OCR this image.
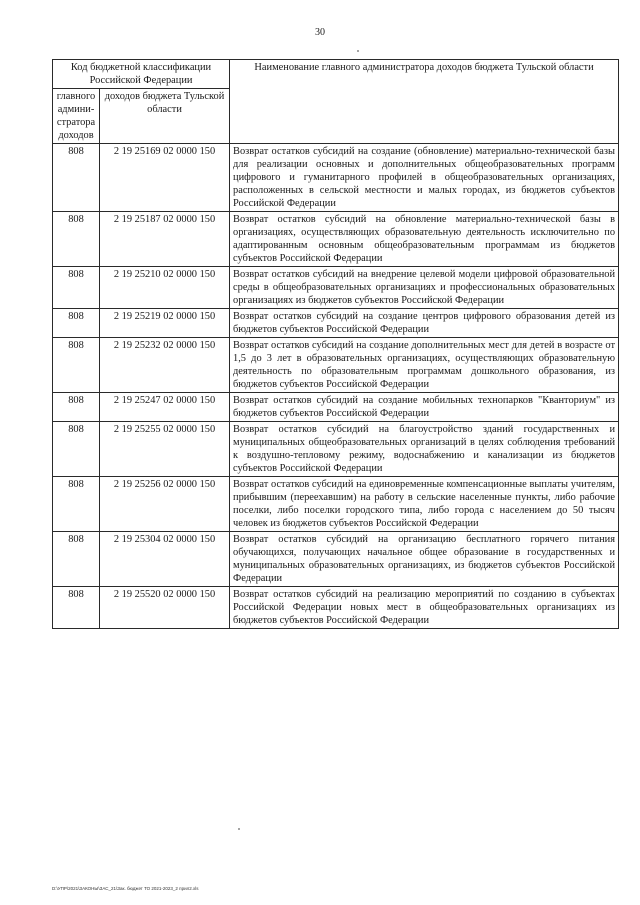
30
Код бюджетной классификации Российской Федерации		Наименование главного администратора доходов бюджета Тульской области
главного админи-стратора доходов	доходов бюджета Тульской области	
808	2 19 25169 02 0000 150	Возврат остатков субсидий на создание (обновление) материально-технической базы для реализации основных и дополнительных общеобразовательных программ цифрового и гуманитарного профилей в общеобразовательных организациях, расположенных в сельской местности и малых городах, из бюджетов субъектов Российской Федерации
808	2 19 25187 02 0000 150	Возврат остатков субсидий на обновление материально-технической базы в организациях, осуществляющих образовательную деятельность исключительно по адаптированным основным общеобразовательным программам из бюджетов субъектов Российской Федерации
808	2 19 25210 02 0000 150	Возврат остатков субсидий на внедрение целевой модели цифровой образовательной среды в общеобразовательных организациях и профессиональных образовательных организациях из бюджетов субъектов Российской Федерации
808	2 19 25219 02 0000 150	Возврат остатков субсидий на создание центров цифрового образования детей из бюджетов субъектов Российской Федерации
808	2 19 25232 02 0000 150	Возврат остатков субсидий на создание дополнительных мест для детей в возрасте от 1,5 до 3 лет в образовательных организациях, осуществляющих образовательную деятельность по образовательным программам дошкольного образования, из бюджетов субъектов Российской Федерации
808	2 19 25247 02 0000 150	Возврат остатков субсидий на создание мобильных технопарков "Кванториум" из бюджетов субъектов Российской Федерации
808	2 19 25255 02 0000 150	Возврат остатков субсидий на благоустройство зданий государственных и муниципальных общеобразовательных организаций в целях соблюдения требований к воздушно-тепловому режиму, водоснабжению и канализации из бюджетов субъектов Российской Федерации
808	2 19 25256 02 0000 150	Возврат остатков субсидий на единовременные компенсационные выплаты учителям, прибывшим (переехавшим) на работу в сельские населенные пункты, либо рабочие поселки, либо поселки городского типа, либо города с населением до 50 тысяч человек из бюджетов субъектов Российской Федерации
808	2 19 25304 02 0000 150	Возврат остатков субсидий на организацию бесплатного горячего питания обучающихся, получающих начальное общее образование в государственных и муниципальных образовательных организациях, из бюджетов субъектов Российской Федерации
808	2 19 25520 02 0000 150	Возврат остатков субсидий на реализацию мероприятий по созданию в субъектах Российской Федерации новых мест в общеобразовательных организациях из бюджетов субъектов Российской Федерации
D:\УПР\2021\ЗАКОНЫ\ЗАС_21\Зак. бюджет ТО 2021-2023_2 прил2.xls
